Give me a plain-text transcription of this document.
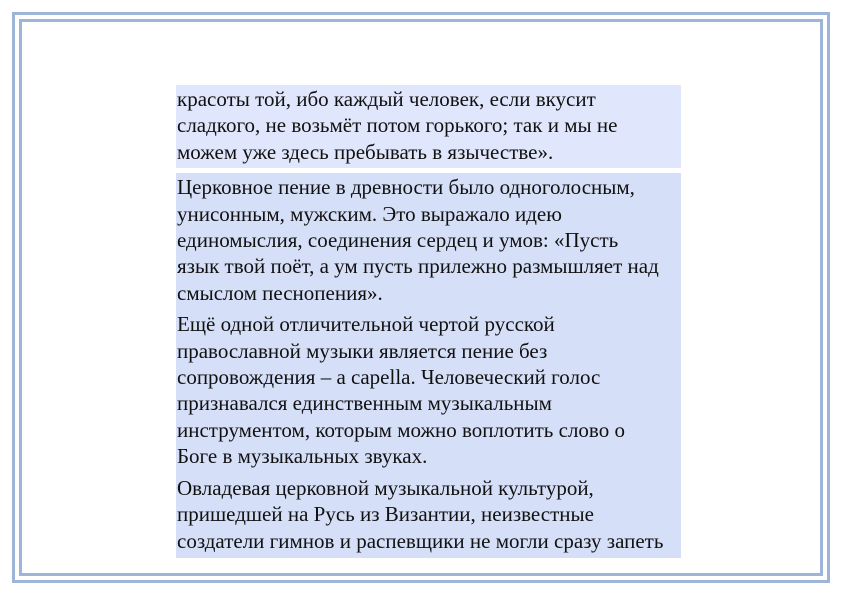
красоты той, ибо каждый человек, если вкусит
сладкого, не возьмёт потом горького; так и мы не
можем уже здесь пребывать в язычестве».
Церковное пение в древности было одноголосным,
унисонным, мужским. Это выражало идею
единомыслия, соединения сердец и умов: «Пусть
язык твой поёт, а ум пусть прилежно размышляет над
смыслом песнопения».
Ещё одной отличительной чертой русской
православной музыки является пение без
сопровождения – a capella. Человеческий голос
признавался единственным музыкальным
инструментом, которым можно воплотить слово о
Боге в музыкальных звуках.
Овладевая церковной музыкальной культурой,
пришедшей на Русь из Византии, неизвестные
создатели гимнов и распевщики не могли сразу запеть
